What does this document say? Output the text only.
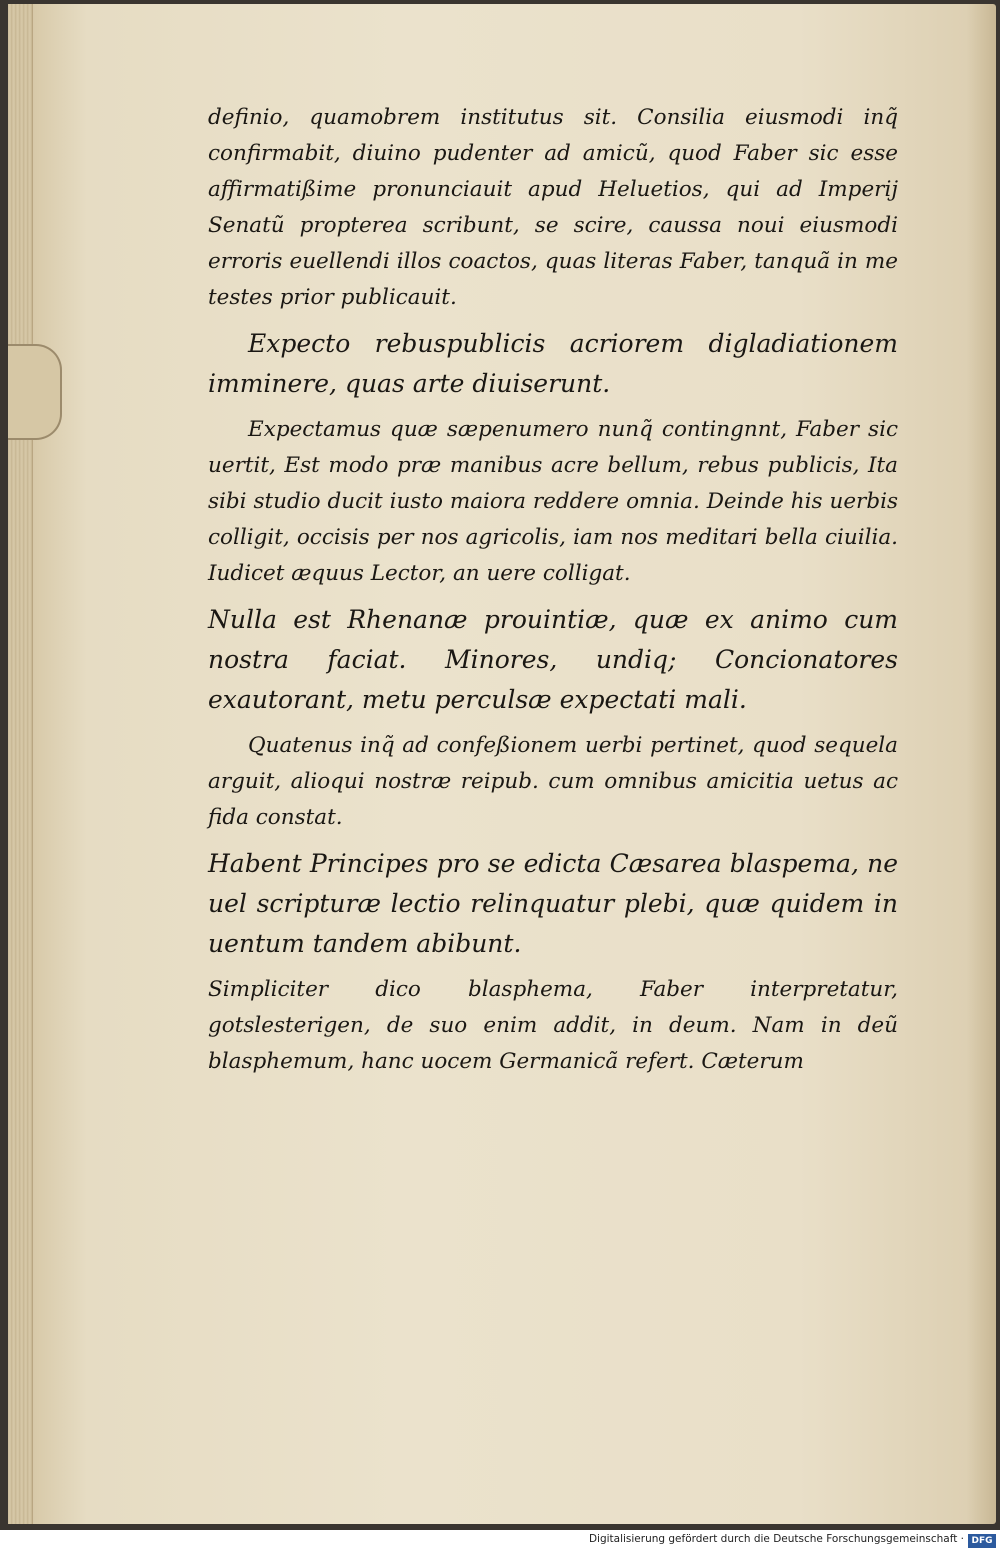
definio, quamobrem institutus sit. Consilia eiusmodi inq̃ confirmabit, diuino pudenter ad amicũ, quod Faber sic esse affirmatißime pronunciauit apud Heluetios, qui ad Imperij Senatũ propterea scribunt, se scire, caussa noui eiusmodi erroris euellendi illos coactos, quas literas Faber, tanquã in me testes prior publicauit.

Expecto rebuspublicis acriorem digladiationem imminere, quas arte diuiserunt.

Expectamus quæ sæpenumero nunq̃ contingnnt, Faber sic uertit, Est modo præ manibus acre bellum, rebus publicis, Ita sibi studio ducit iusto maiora reddere omnia. Deinde his uerbis colligit, occisis per nos agricolis, iam nos meditari bella ciuilia. Iudicet æquus Lector, an uere colligat.

Nulla est Rhenanæ prouintiæ, quæ ex animo cum nostra faciat. Minores, undiq; Concionatores exautorant, metu perculsæ expectati mali.

Quatenus inq̃ ad confeßionem uerbi pertinet, quod sequela arguit, alioqui nostræ reipub. cum omnibus amicitia uetus ac fida constat.

Habent Principes pro se edicta Cæsarea blaspema, ne uel scripturæ lectio relinquatur plebi, quæ quidem in uentum tandem abibunt.

Simpliciter dico blasphema, Faber interpretatur, gotslesterigen, de suo enim addit, in deum. Nam in deũ blasphemum, hanc uocem Germanicã refert. Cæterum

Digitalisierung gefördert durch die Deutsche Forschungsgemeinschaft · DFG
